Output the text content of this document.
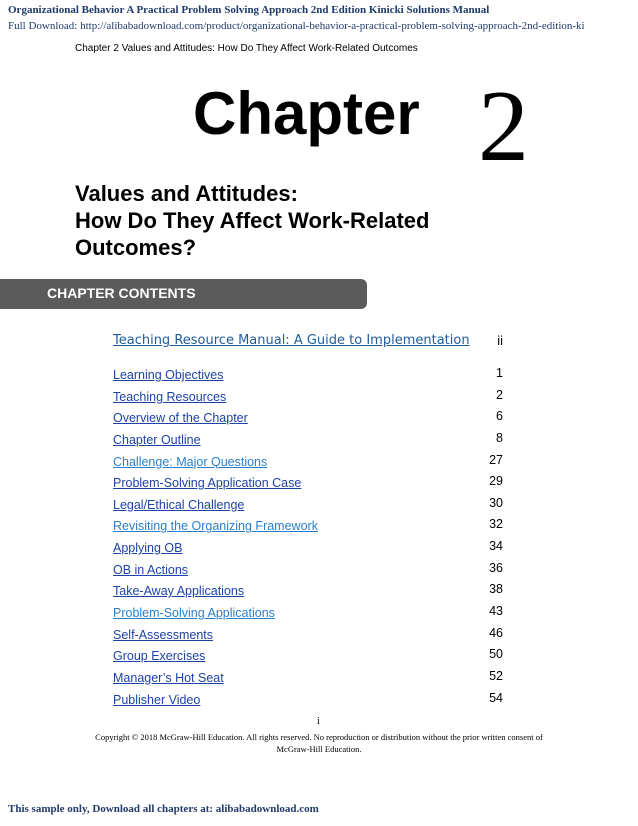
Organizational Behavior A Practical Problem Solving Approach 2nd Edition Kinicki Solutions Manual
Full Download: http://alibabadownload.com/product/organizational-behavior-a-practical-problem-solving-approach-2nd-edition-ki
Chapter 2 Values and Attitudes: How Do They Affect Work-Related Outcomes
Chapter 2
Values and Attitudes:
How Do They Affect Work-Related
Outcomes?
CHAPTER CONTENTS
Teaching Resource Manual: A Guide to Implementation ii
Learning Objectives	1
Teaching Resources	2
Overview of the Chapter	6
Chapter Outline	8
Challenge: Major Questions	27
Problem-Solving Application Case	29
Legal/Ethical Challenge	30
Revisiting the Organizing Framework	32
Applying OB	34
OB in Actions	36
Take-Away Applications	38
Problem-Solving Applications	43
Self-Assessments	46
Group Exercises	50
Manager’s Hot Seat	52
Publisher Video	54
i
Copyright © 2018 McGraw-Hill Education. All rights reserved. No reproduction or distribution without the prior written consent of McGraw-Hill Education.
This sample only, Download all chapters at: alibabadownload.com
